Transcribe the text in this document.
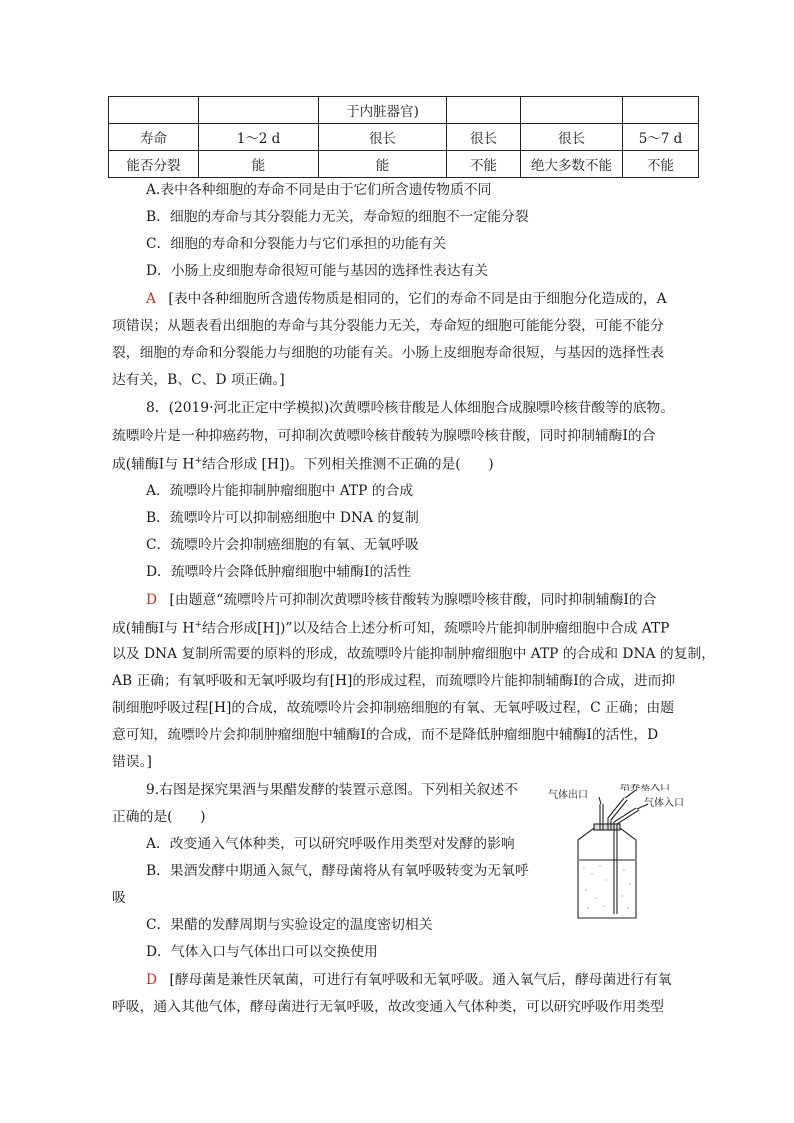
		于内脏器官)			
寿命	1～2 d	很长	很长	很长	5～7 d
能否分裂	能	能	不能	绝大多数不能	不能
A.表中各种细胞的寿命不同是由于它们所含遗传物质不同
B．细胞的寿命与其分裂能力无关，寿命短的细胞不一定能分裂
C．细胞的寿命和分裂能力与它们承担的功能有关
D．小肠上皮细胞寿命很短可能与基因的选择性表达有关
A [表中各种细胞所含遗传物质是相同的，它们的寿命不同是由于细胞分化造成的，A
项错误；从题表看出细胞的寿命与其分裂能力无关，寿命短的细胞可能能分裂，可能不能分
裂，细胞的寿命和分裂能力与细胞的功能有关。小肠上皮细胞寿命很短，与基因的选择性表
达有关，B、C、D 项正确。]
8．(2019·河北正定中学模拟)次黄嘌呤核苷酸是人体细胞合成腺嘌呤核苷酸等的底物。
巯嘌呤片是一种抑癌药物，可抑制次黄嘌呤核苷酸转为腺嘌呤核苷酸，同时抑制辅酶Ⅰ的合
成(辅酶Ⅰ与 H+结合形成 [H])。下列相关推测不正确的是(　　)
A．巯嘌呤片能抑制肿瘤细胞中 ATP 的合成
B．巯嘌呤片可以抑制癌细胞中 DNA 的复制
C．巯嘌呤片会抑制癌细胞的有氧、无氧呼吸
D．巯嘌呤片会降低肿瘤细胞中辅酶Ⅰ的活性
D [由题意“巯嘌呤片可抑制次黄嘌呤核苷酸转为腺嘌呤核苷酸，同时抑制辅酶Ⅰ的合
成(辅酶Ⅰ与 H+结合形成[H])”以及结合上述分析可知，巯嘌呤片能抑制肿瘤细胞中合成 ATP
以及 DNA 复制所需要的原料的形成，故巯嘌呤片能抑制肿瘤细胞中 ATP 的合成和 DNA 的复制，
AB 正确；有氧呼吸和无氧呼吸均有[H]的形成过程，而巯嘌呤片能抑制辅酶Ⅰ的合成，进而抑
制细胞呼吸过程[H]的合成，故巯嘌呤片会抑制癌细胞的有氧、无氧呼吸过程，C 正确；由题
意可知，巯嘌呤片会抑制肿瘤细胞中辅酶Ⅰ的合成，而不是降低肿瘤细胞中辅酶Ⅰ的活性，D
错误。]
9.右图是探究果酒与果醋发酵的装置示意图。下列相关叙述不
正确的是(　　)
A．改变通入气体种类，可以研究呼吸作用类型对发酵的影响
B．果酒发酵中期通入氮气，酵母菌将从有氧呼吸转变为无氧呼
吸
C．果醋的发酵周期与实验设定的温度密切相关
D．气体入口与气体出口可以交换使用
D [酵母菌是兼性厌氧菌，可进行有氧呼吸和无氧呼吸。通入氧气后，酵母菌进行有氧
呼吸，通入其他气体，酵母菌进行无氧呼吸，故改变通入气体种类，可以研究呼吸作用类型
气体出口
培养基入口
气体入口
